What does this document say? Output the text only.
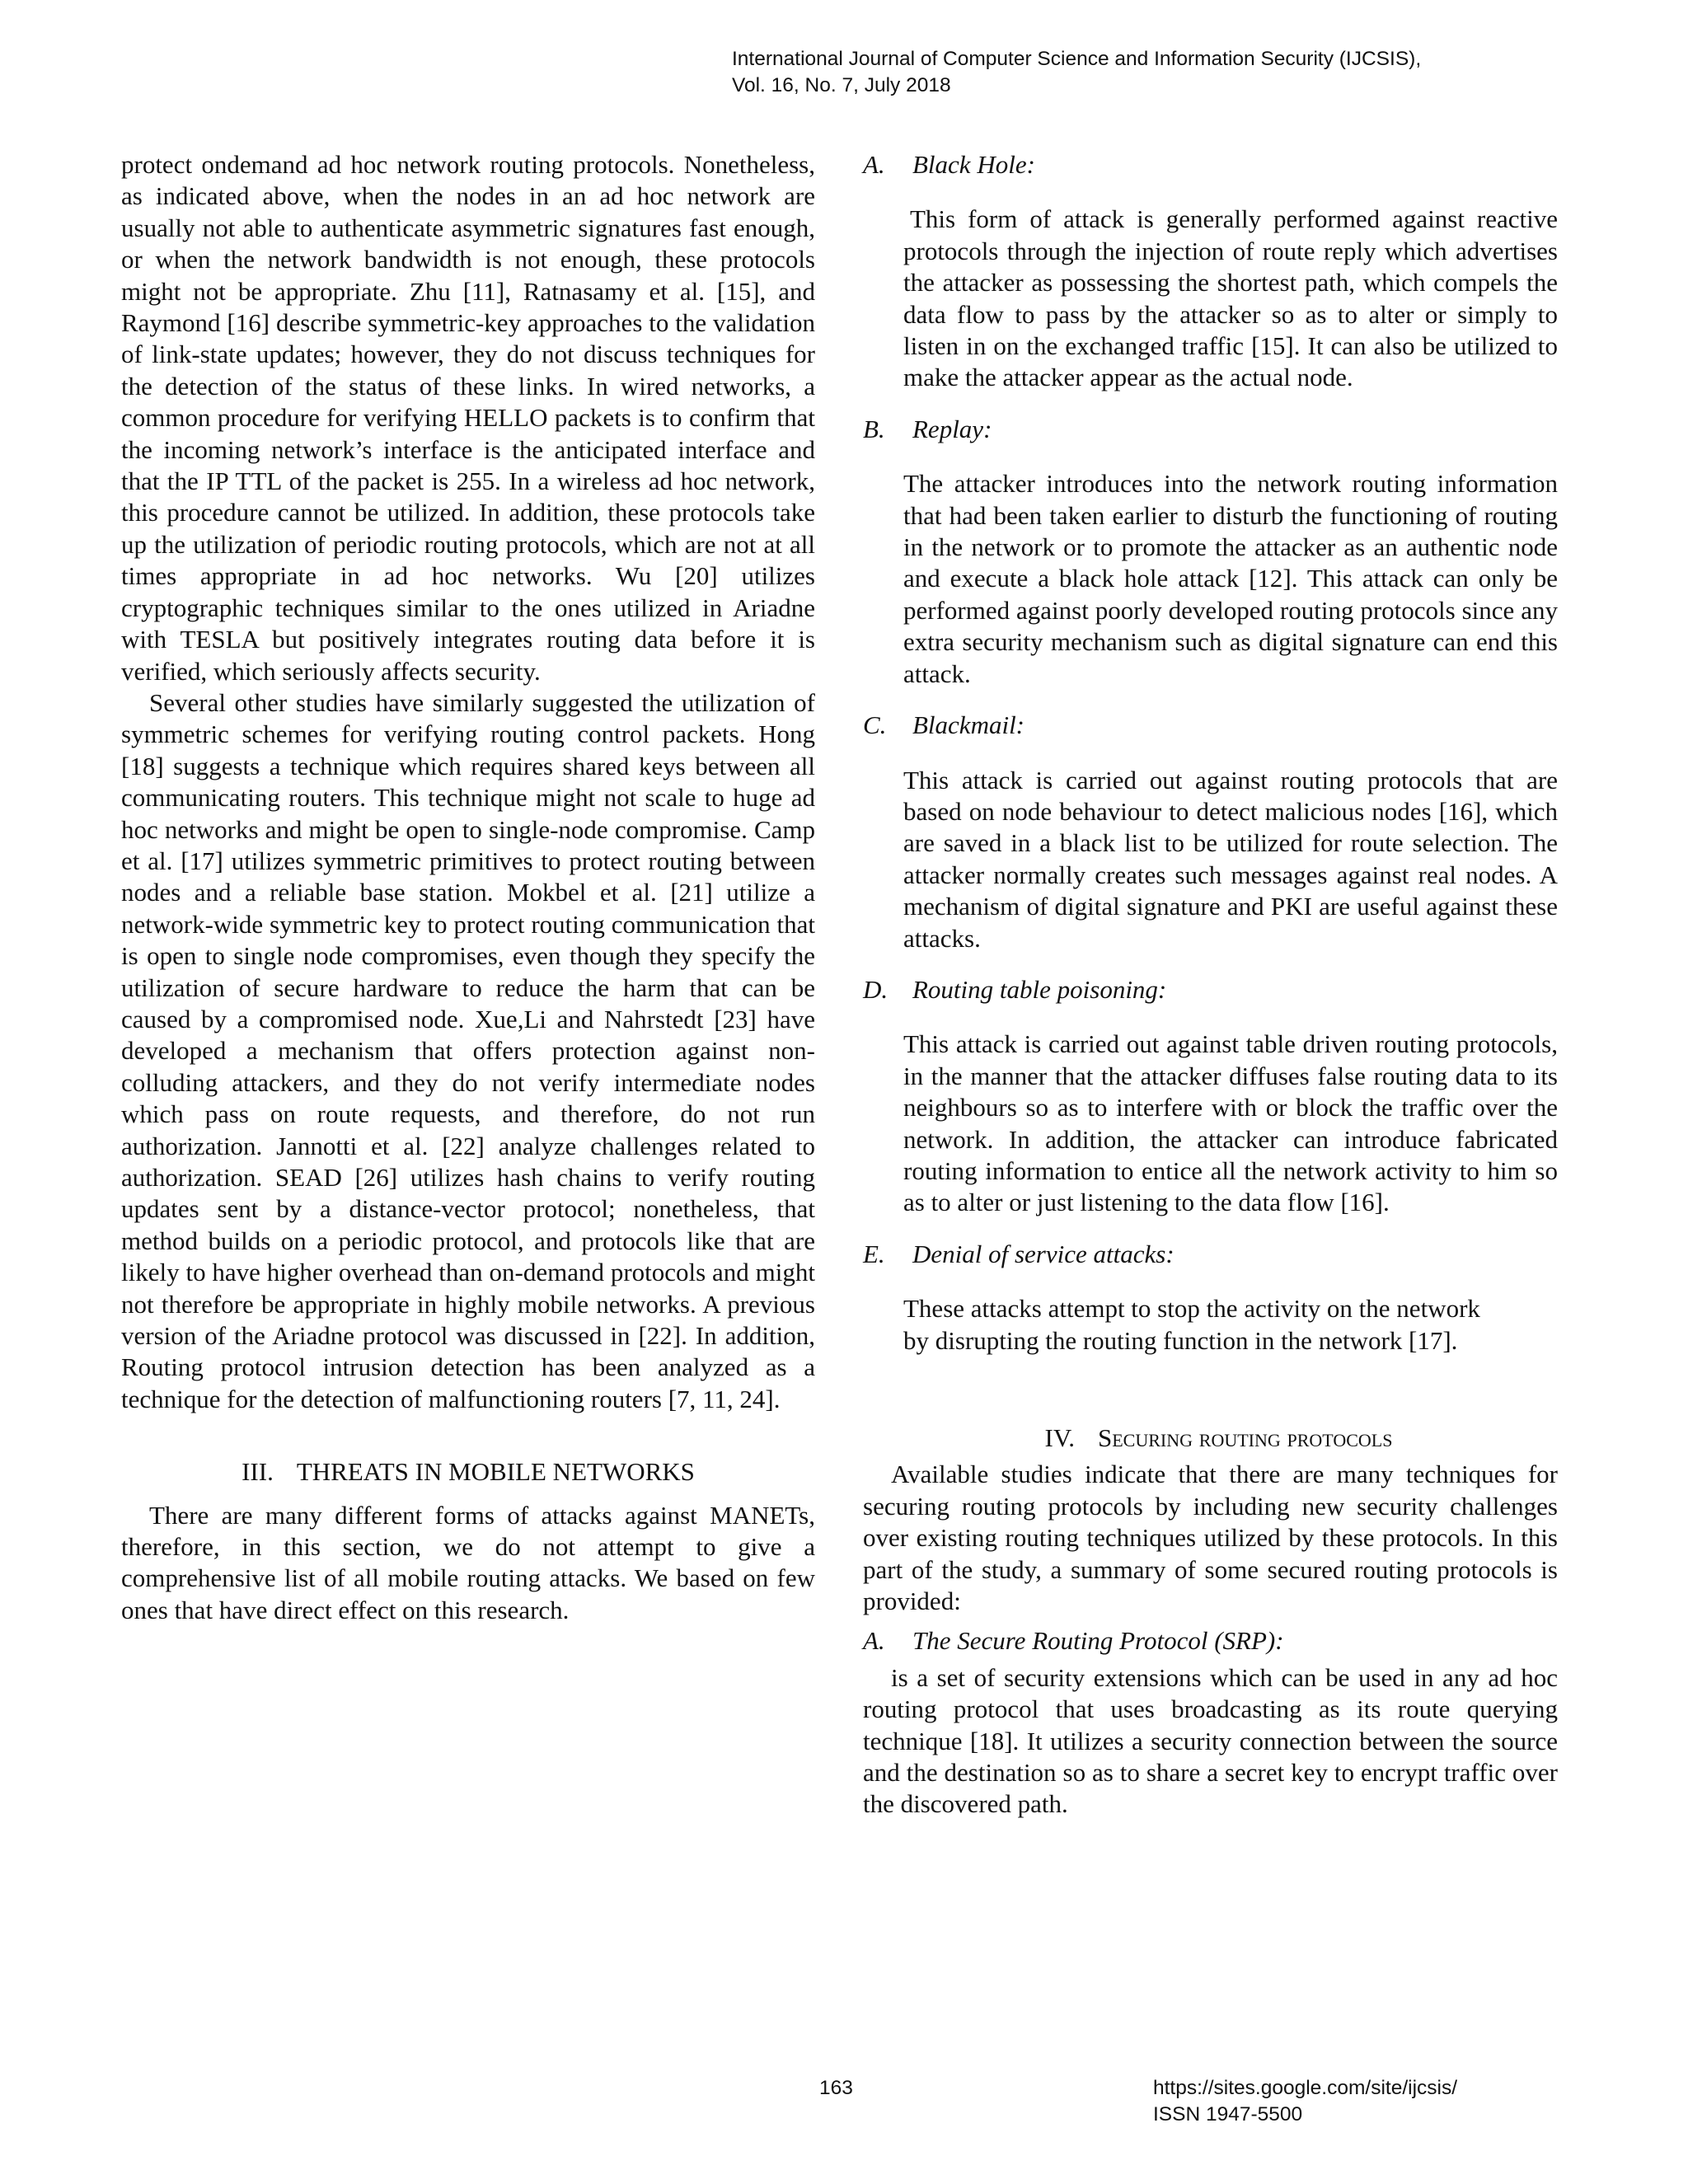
International Journal of Computer Science and Information Security (IJCSIS),
Vol. 16, No. 7, July 2018

protect ondemand ad hoc network routing protocols. Nonetheless, as indicated above, when the nodes in an ad hoc network are usually not able to authenticate asymmetric signatures fast enough, or when the network bandwidth is not enough, these protocols might not be appropriate. Zhu [11], Ratnasamy et al. [15], and Raymond [16] describe symmetric-key approaches to the validation of link-state updates; however, they do not discuss techniques for the detection of the status of these links. In wired networks, a common procedure for verifying HELLO packets is to confirm that the incoming network’s interface is the anticipated interface and that the IP TTL of the packet is 255. In a wireless ad hoc network, this procedure cannot be utilized. In addition, these protocols take up the utilization of periodic routing protocols, which are not at all times appropriate in ad hoc networks. Wu [20] utilizes cryptographic techniques similar to the ones utilized in Ariadne with TESLA but positively integrates routing data before it is verified, which seriously affects security.

Several other studies have similarly suggested the utilization of symmetric schemes for verifying routing control packets. Hong [18] suggests a technique which requires shared keys between all communicating routers. This technique might not scale to huge ad hoc networks and might be open to single-node compromise. Camp et al. [17] utilizes symmetric primitives to protect routing between nodes and a reliable base station. Mokbel et al. [21] utilize a network-wide symmetric key to protect routing communication that is open to single node compromises, even though they specify the utilization of secure hardware to reduce the harm that can be caused by a compromised node. Xue,Li and Nahrstedt [23] have developed a mechanism that offers protection against non-colluding attackers, and they do not verify intermediate nodes which pass on route requests, and therefore, do not run authorization. Jannotti et al. [22] analyze challenges related to authorization. SEAD [26] utilizes hash chains to verify routing updates sent by a distance-vector protocol; nonetheless, that method builds on a periodic protocol, and protocols like that are likely to have higher overhead than on-demand protocols and might not therefore be appropriate in highly mobile networks. A previous version of the Ariadne protocol was discussed in [22]. In addition, Routing protocol intrusion detection has been analyzed as a technique for the detection of malfunctioning routers [7, 11, 24].

III. THREATS IN MOBILE NETWORKS

There are many different forms of attacks against MANETs, therefore, in this section, we do not attempt to give a comprehensive list of all mobile routing attacks. We based on few ones that have direct effect on this research.

A. Black Hole:

This form of attack is generally performed against reactive protocols through the injection of route reply which advertises the attacker as possessing the shortest path, which compels the data flow to pass by the attacker so as to alter or simply to listen in on the exchanged traffic [15]. It can also be utilized to make the attacker appear as the actual node.

B. Replay:

The attacker introduces into the network routing information that had been taken earlier to disturb the functioning of routing in the network or to promote the attacker as an authentic node and execute a black hole attack [12]. This attack can only be performed against poorly developed routing protocols since any extra security mechanism such as digital signature can end this attack.

C. Blackmail:

This attack is carried out against routing protocols that are based on node behaviour to detect malicious nodes [16], which are saved in a black list to be utilized for route selection. The attacker normally creates such messages against real nodes. A mechanism of digital signature and PKI are useful against these attacks.

D. Routing table poisoning:

This attack is carried out against table driven routing protocols, in the manner that the attacker diffuses false routing data to its neighbours so as to interfere with or block the traffic over the network. In addition, the attacker can introduce fabricated routing information to entice all the network activity to him so as to alter or just listening to the data flow [16].

E. Denial of service attacks:
These attacks attempt to stop the activity on the network
by disrupting the routing function in the network [17].
IV. Securing routing protocols

Available studies indicate that there are many techniques for securing routing protocols by including new security challenges over existing routing techniques utilized by these protocols. In this part of the study, a summary of some secured routing protocols is provided:

A. The Secure Routing Protocol (SRP):

is a set of security extensions which can be used in any ad hoc routing protocol that uses broadcasting as its route querying technique [18]. It utilizes a security connection between the source and the destination so as to share a secret key to encrypt traffic over the discovered path.

163	https://sites.google.com/site/ijcsis/
ISSN 1947-5500
